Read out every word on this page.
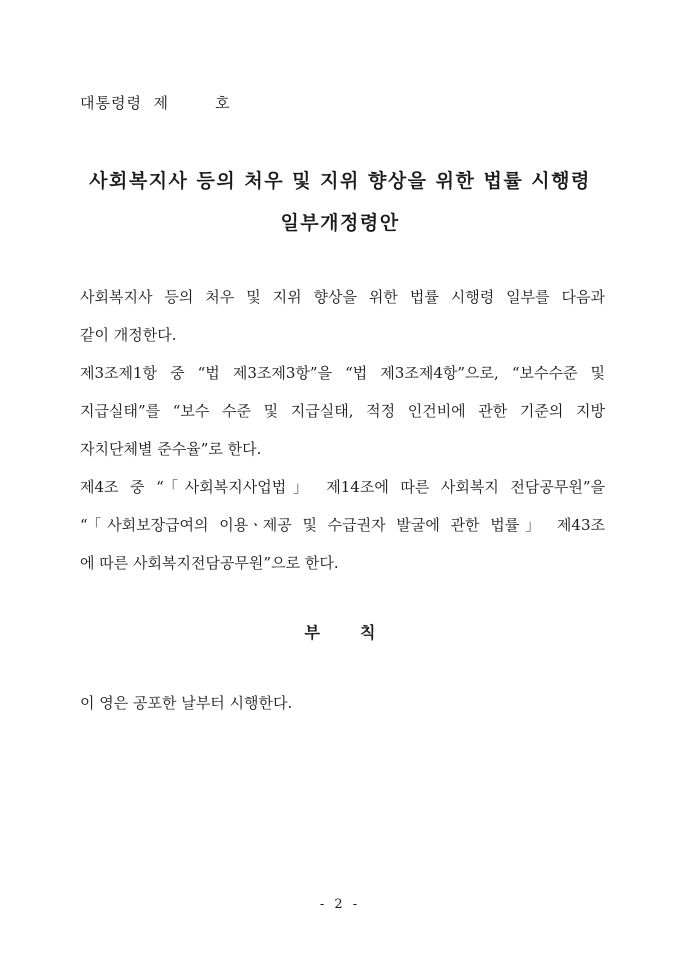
대통령령  제        호
사회복지사 등의 처우 및 지위 향상을 위한 법률 시행령
일부개정령안
사회복지사 등의 처우 및 지위 향상을 위한 법률 시행령 일부를 다음과
같이 개정한다.
제3조제1항 중 “법 제3조제3항”을 “법 제3조제4항”으로, “보수수준 및
지급실태”를 “보수 수준 및 지급실태, 적정 인건비에 관한 기준의 지방
자치단체별 준수율”로 한다.
제4조 중 “「사회복지사업법」 제14조에 따른 사회복지 전담공무원”을
“「사회보장급여의 이용ㆍ제공 및 수급권자 발굴에 관한 법률」 제43조
에 따른 사회복지전담공무원”으로 한다.
부칙
이 영은 공포한 날부터 시행한다.
- 2 -
